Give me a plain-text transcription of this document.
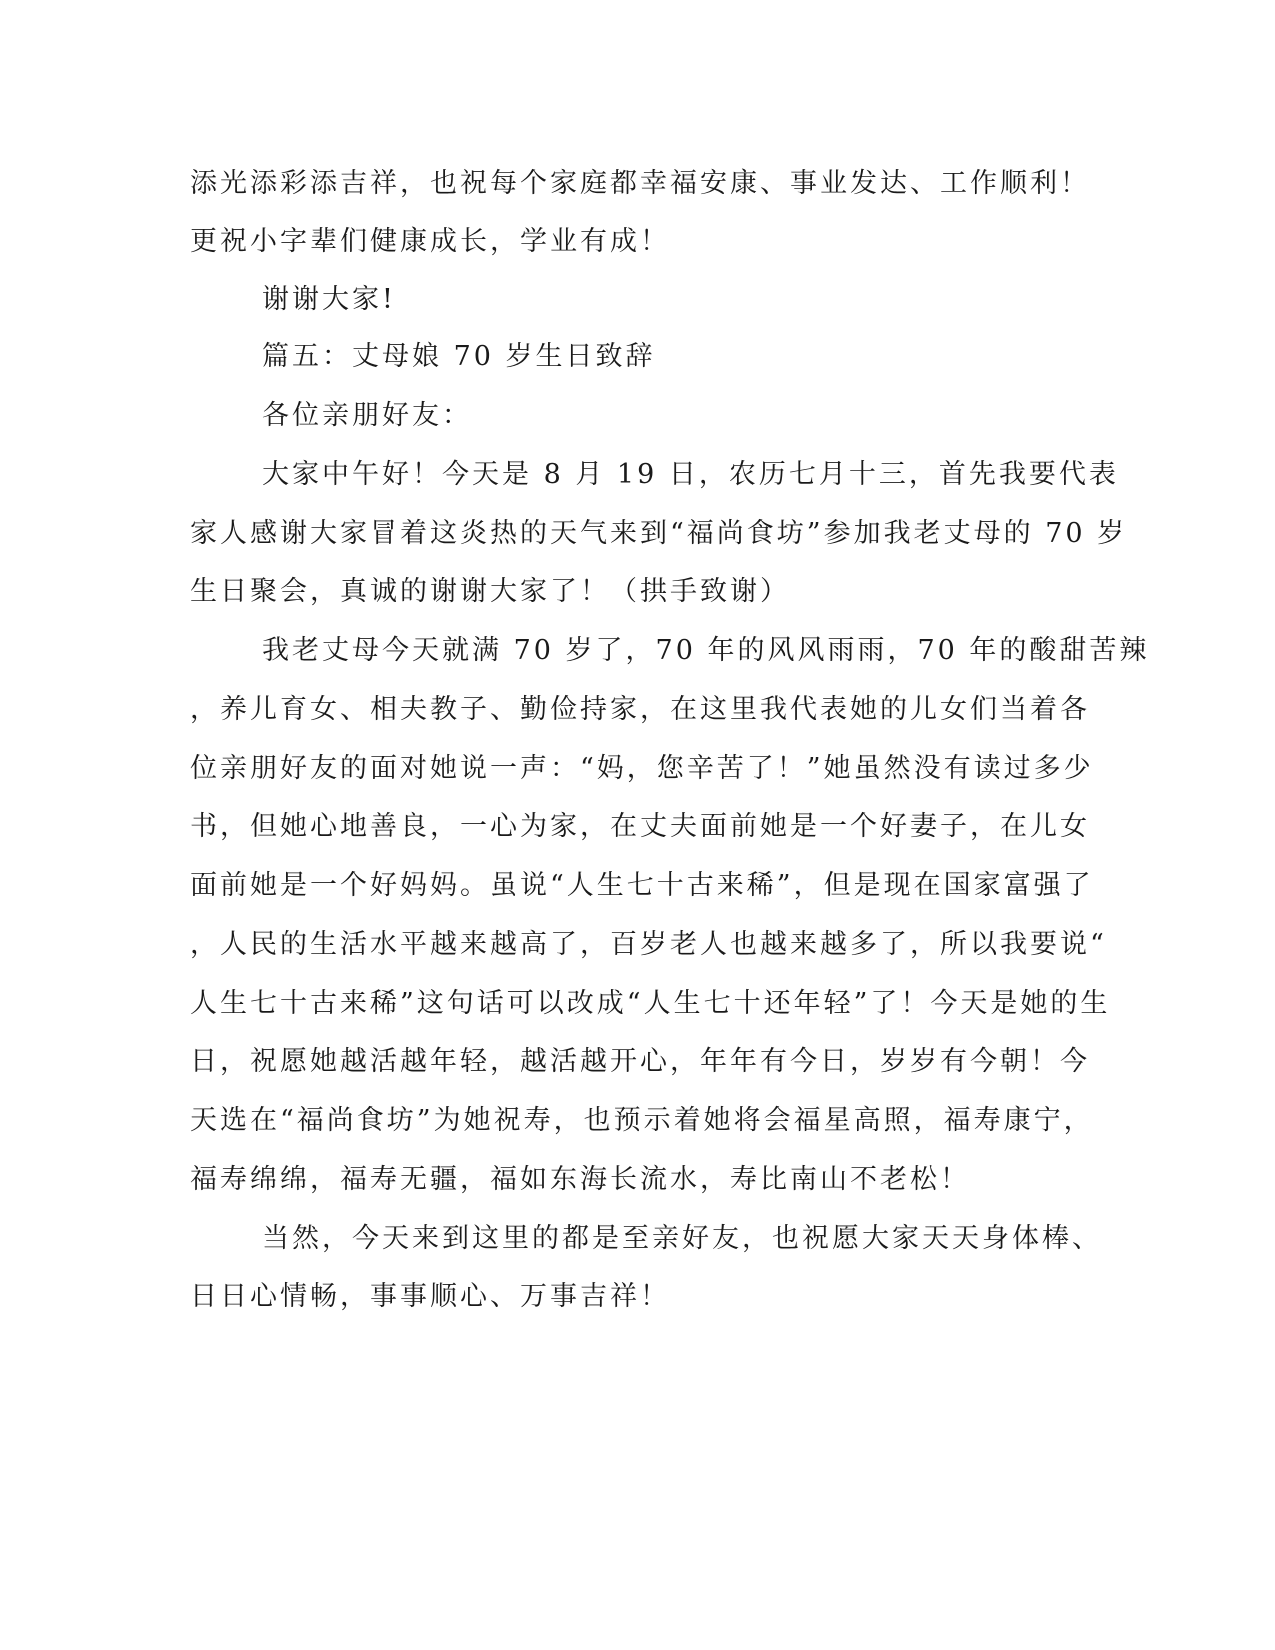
添光添彩添吉祥，也祝每个家庭都幸福安康、事业发达、工作顺利！
更祝小字辈们健康成长，学业有成！
谢谢大家!
篇五：丈母娘 70 岁生日致辞
各位亲朋好友：
大家中午好！今天是 8 月 19 日，农历七月十三，首先我要代表
家人感谢大家冒着这炎热的天气来到“福尚食坊”参加我老丈母的 70 岁
生日聚会，真诚的谢谢大家了！（拱手致谢）
我老丈母今天就满 70 岁了，70 年的风风雨雨，70 年的酸甜苦辣
，养儿育女、相夫教子、勤俭持家，在这里我代表她的儿女们当着各
位亲朋好友的面对她说一声：“妈，您辛苦了！”她虽然没有读过多少
书，但她心地善良，一心为家，在丈夫面前她是一个好妻子，在儿女
面前她是一个好妈妈。虽说“人生七十古来稀”，但是现在国家富强了
，人民的生活水平越来越高了，百岁老人也越来越多了，所以我要说“
人生七十古来稀”这句话可以改成“人生七十还年轻”了！今天是她的生
日，祝愿她越活越年轻，越活越开心，年年有今日，岁岁有今朝！今
天选在“福尚食坊”为她祝寿，也预示着她将会福星高照，福寿康宁，
福寿绵绵，福寿无疆，福如东海长流水，寿比南山不老松！
当然，今天来到这里的都是至亲好友，也祝愿大家天天身体棒、
日日心情畅，事事顺心、万事吉祥！
